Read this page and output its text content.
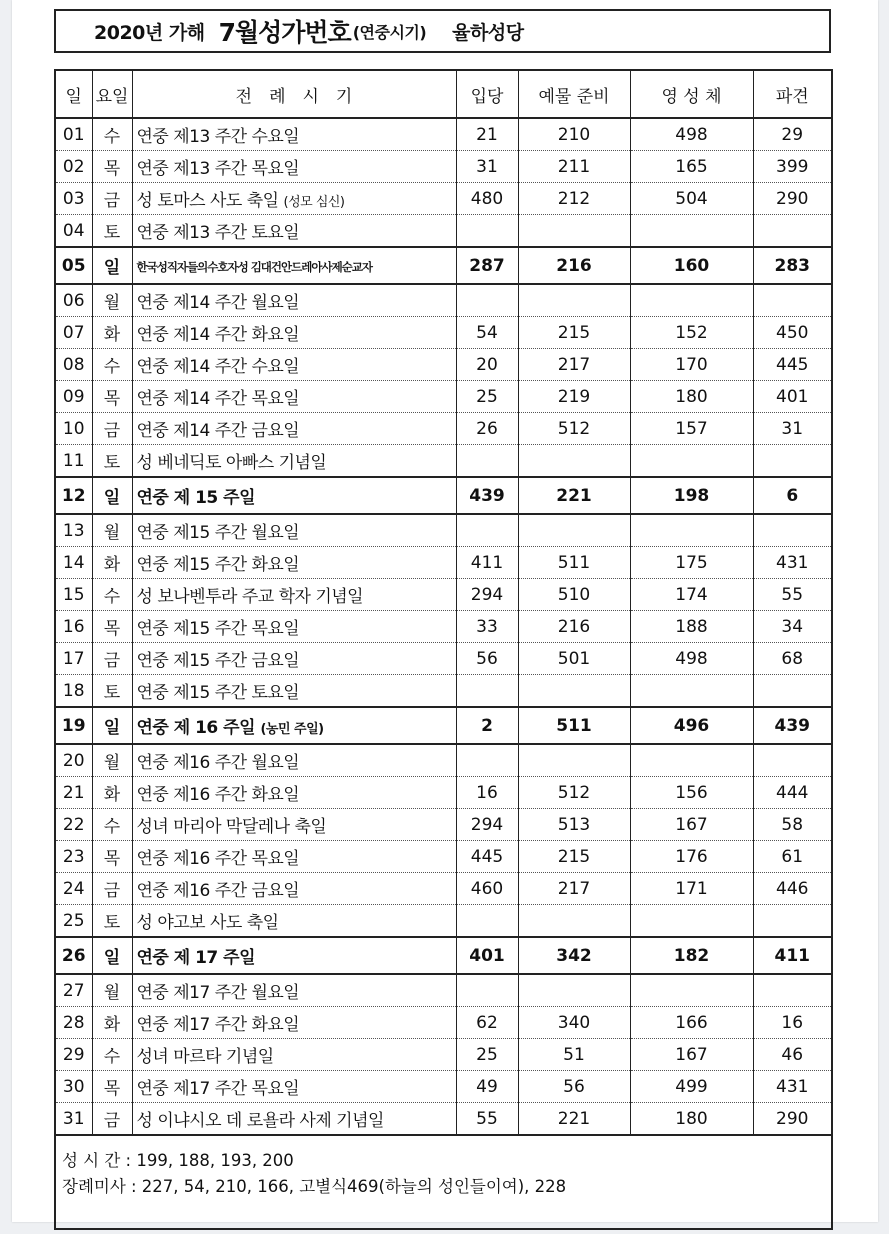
2020년 가해 7월성가번호 (연중시기) 율하성당
일	요일	전　례　시　기	입당	예물 준비	영 성 체	파견
01	수	연중 제13 주간 수요일	21	210	498	29
02	목	연중 제13 주간 목요일	31	211	165	399
03	금	성 토마스 사도 축일 (성모 심신)	480	212	504	290
04	토	연중 제13 주간 토요일				
05	일	한국성직자들의수호자성 김대건안드레아사제순교자	287	216	160	283
06	월	연중 제14 주간 월요일				
07	화	연중 제14 주간 화요일	54	215	152	450
08	수	연중 제14 주간 수요일	20	217	170	445
09	목	연중 제14 주간 목요일	25	219	180	401
10	금	연중 제14 주간 금요일	26	512	157	31
11	토	성 베네딕토 아빠스 기념일				
12	일	연중 제 15 주일	439	221	198	6
13	월	연중 제15 주간 월요일				
14	화	연중 제15 주간 화요일	411	511	175	431
15	수	성 보나벤투라 주교 학자 기념일	294	510	174	55
16	목	연중 제15 주간 목요일	33	216	188	34
17	금	연중 제15 주간 금요일	56	501	498	68
18	토	연중 제15 주간 토요일				
19	일	연중 제 16 주일 (농민 주일)	2	511	496	439
20	월	연중 제16 주간 월요일				
21	화	연중 제16 주간 화요일	16	512	156	444
22	수	성녀 마리아 막달레나 축일	294	513	167	58
23	목	연중 제16 주간 목요일	445	215	176	61
24	금	연중 제16 주간 금요일	460	217	171	446
25	토	성 야고보 사도 축일				
26	일	연중 제 17 주일	401	342	182	411
27	월	연중 제17 주간 월요일				
28	화	연중 제17 주간 화요일	62	340	166	16
29	수	성녀 마르타 기념일	25	51	167	46
30	목	연중 제17 주간 목요일	49	56	499	431
31	금	성 이냐시오 데 로욜라 사제 기념일	55	221	180	290
성 시 간 : 199, 188, 193, 200
장례미사 : 227, 54, 210, 166, 고별식469(하늘의 성인들이여), 228
